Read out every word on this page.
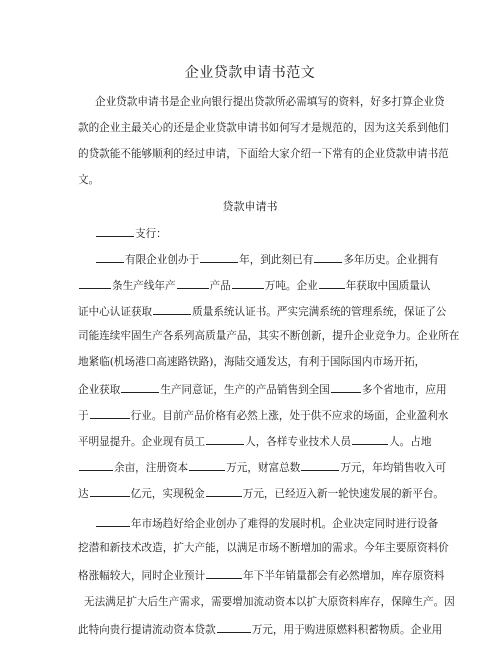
企业贷款申请书范文
企业贷款申请书是企业向银行提出贷款所必需填写的资料，好多打算企业贷
款的企业主最关心的还是企业贷款申请书如何写才是规范的，因为这关系到他们
的贷款能不能够顺利的经过申请，下面给大家介绍一下常有的企业贷款申请书范
文。
贷款申请书
支行：
有限企业创办于	年，到此刻已有	多年历史。企业拥有
条生产线年产	产品	万吨。企业	年获取中国质量认
证中心认证获取	质量系统认证书。严实完满系统的管理系统，保证了公
司能连续牢固生产各系列高质量产品，其实不断创新，提升企业竞争力。企业所在
地紧临(机场港口高速路铁路)，海陆交通发达，有利于国际国内市场开拓，
企业获取	生产同意证，生产的产品销售到全国	多个省地市，应用
于	行业。目前产品价格有必然上涨，处于供不应求的场面，企业盈利水
平明显提升。企业现有员工	人，各样专业技术人员	人。占地
余亩，注册资本	万元，财富总数	万元，年均销售收入可
达	亿元，实现税金	万元，已经迈入新一轮快速发展的新平台。
年市场趋好给企业创办了难得的发展时机。企业决定同时进行设备
挖潜和新技术改造，扩大产能，以满足市场不断增加的需求。今年主要原资料价
格涨幅较大，同时企业预计	年下半年销量都会有必然增加，库存原资料
无法满足扩大后生产需求，需要增加流动资本以扩大原资料库存，保障生产。因
此特向贵行提请流动资本贷款	万元，用于购进原燃料积蓄物质。企业用
